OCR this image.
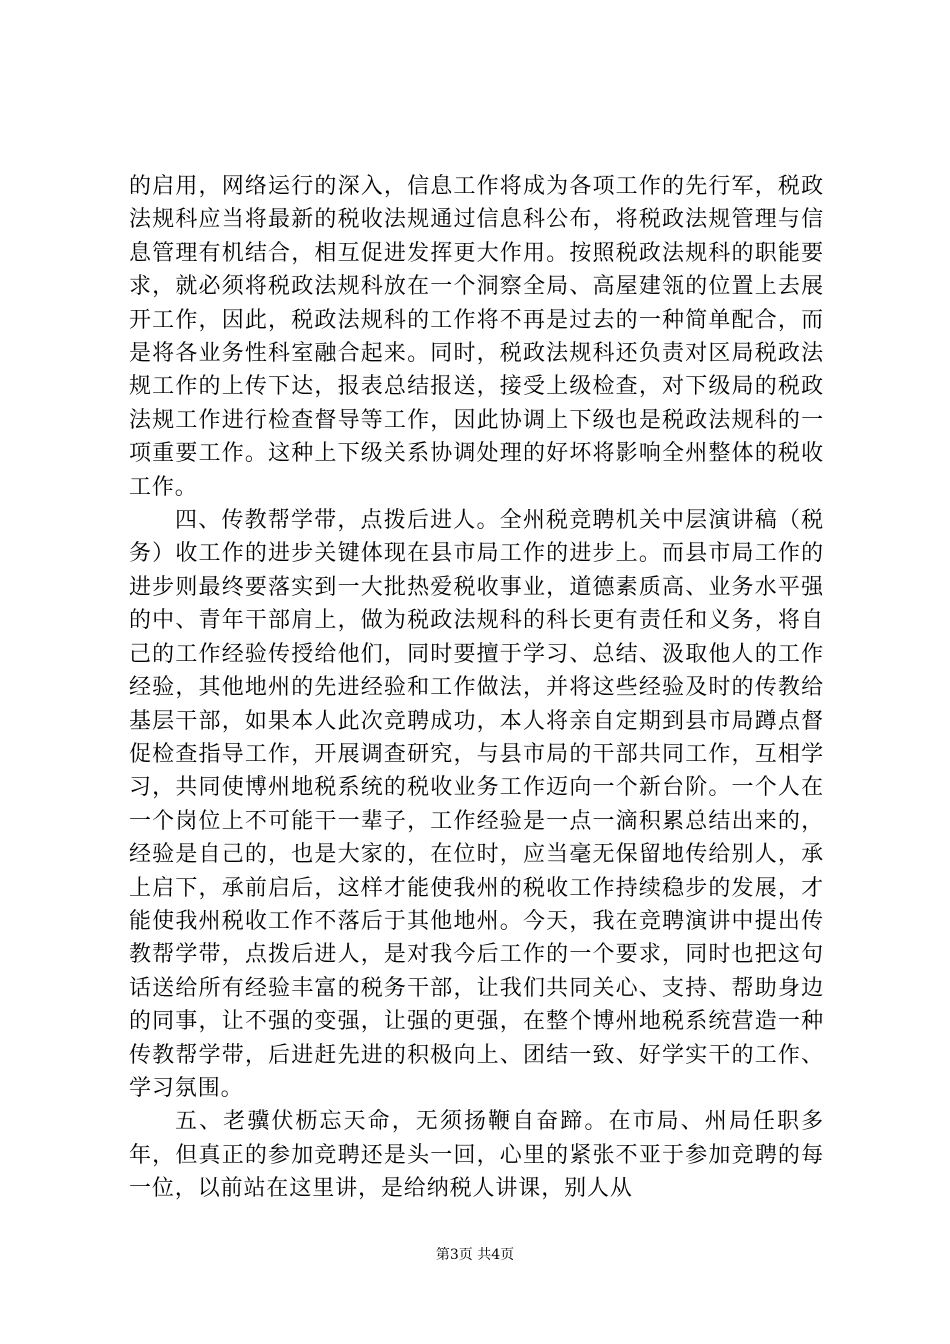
的启用，网络运行的深入，信息工作将成为各项工作的先行军，税政法规科应当将最新的税收法规通过信息科公布，将税政法规管理与信息管理有机结合，相互促进发挥更大作用。按照税政法规科的职能要求，就必须将税政法规科放在一个洞察全局、高屋建瓴的位置上去展开工作，因此，税政法规科的工作将不再是过去的一种简单配合，而是将各业务性科室融合起来。同时，税政法规科还负责对区局税政法规工作的上传下达，报表总结报送，接受上级检查，对下级局的税政法规工作进行检查督导等工作，因此协调上下级也是税政法规科的一项重要工作。这种上下级关系协调处理的好坏将影响全州整体的税收工作。

四、传教帮学带，点拨后进人。全州税竞聘机关中层演讲稿（税务）收工作的进步关键体现在县市局工作的进步上。而县市局工作的进步则最终要落实到一大批热爱税收事业，道德素质高、业务水平强的中、青年干部肩上，做为税政法规科的科长更有责任和义务，将自己的工作经验传授给他们，同时要擅于学习、总结、汲取他人的工作经验，其他地州的先进经验和工作做法，并将这些经验及时的传教给基层干部，如果本人此次竞聘成功，本人将亲自定期到县市局蹲点督促检查指导工作，开展调查研究，与县市局的干部共同工作，互相学习，共同使博州地税系统的税收业务工作迈向一个新台阶。一个人在一个岗位上不可能干一辈子，工作经验是一点一滴积累总结出来的，经验是自己的，也是大家的，在位时，应当毫无保留地传给别人，承上启下，承前启后，这样才能使我州的税收工作持续稳步的发展，才能使我州税收工作不落后于其他地州。今天，我在竞聘演讲中提出传教帮学带，点拨后进人，是对我今后工作的一个要求，同时也把这句话送给所有经验丰富的税务干部，让我们共同关心、支持、帮助身边的同事，让不强的变强，让强的更强，在整个博州地税系统营造一种传教帮学带，后进赶先进的积极向上、团结一致、好学实干的工作、学习氛围。

五、老骥伏枥忘天命，无须扬鞭自奋蹄。在市局、州局任职多年，但真正的参加竞聘还是头一回，心里的紧张不亚于参加竞聘的每一位，以前站在这里讲，是给纳税人讲课，别人从

第3页 共4页
